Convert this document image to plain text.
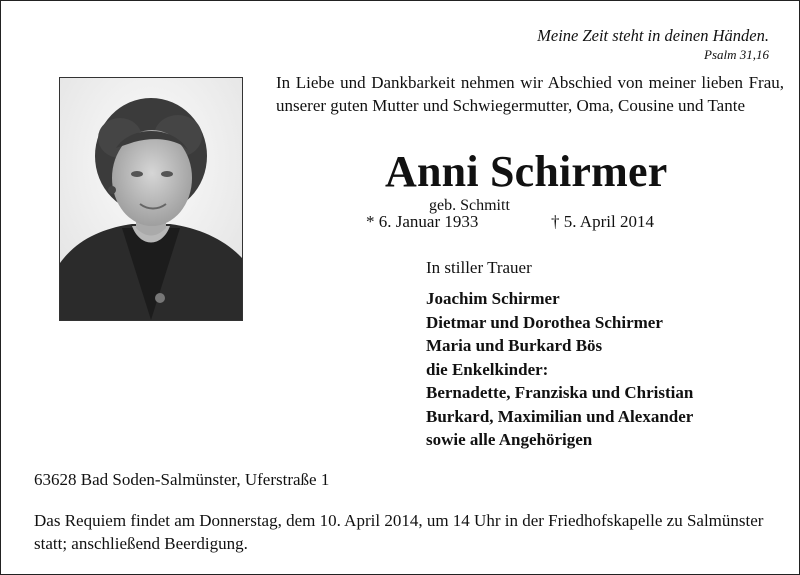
Meine Zeit steht in deinen Händen.
Psalm 31,16
In Liebe und Dankbarkeit nehmen wir Abschied von meiner lieben Frau, unserer guten Mutter und Schwiegermutter, Oma, Cousine und Tante
Anni Schirmer
geb. Schmitt
* 6. Januar 1933	† 5. April 2014
In stiller Trauer
Joachim Schirmer
Dietmar und Dorothea Schirmer
Maria und Burkard Bös
die Enkelkinder:
Bernadette, Franziska und Christian
Burkard, Maximilian und Alexander
sowie alle Angehörigen
63628 Bad Soden-Salmünster, Uferstraße 1
Das Requiem findet am Donnerstag, dem 10. April 2014, um 14 Uhr in der Friedhofskapelle zu Salmünster statt; anschließend Beerdigung.
